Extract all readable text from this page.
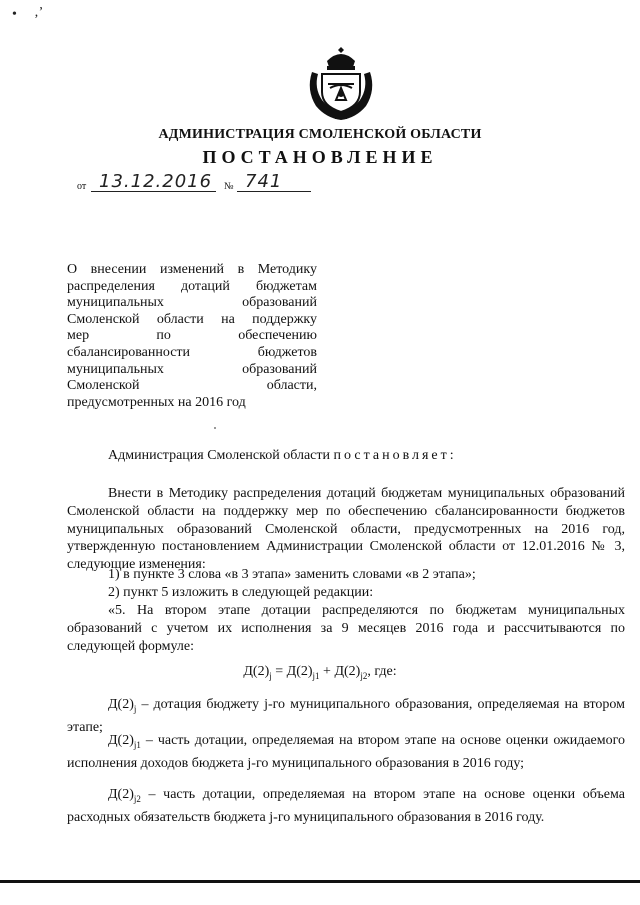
• ‚ʼ
АДМИНИСТРАЦИЯ СМОЛЕНСКОЙ ОБЛАСТИ
ПОСТАНОВЛЕНИЕ
от 13.12.2016 № 741
О внесении изменений в Методику
распределения дотаций бюджетам
муниципальных образований
Смоленской области на поддержку
мер по обеспечению
сбалансированности бюджетов
муниципальных образований
Смоленской области,
предусмотренных на 2016 год
Администрация Смоленской области постановляет:
Внести в Методику распределения дотаций бюджетам муниципальных образований Смоленской области на поддержку мер по обеспечению сбалансированности бюджетов муниципальных образований Смоленской области, предусмотренных на 2016 год, утвержденную постановлением Администрации Смоленской области от 12.01.2016 № 3, следующие изменения:
1) в пункте 3 слова «в 3 этапа» заменить словами «в 2 этапа»;
2) пункт 5 изложить в следующей редакции:
«5. На втором этапе дотации распределяются по бюджетам муниципальных образований с учетом их исполнения за 9 месяцев 2016 года и рассчитываются по следующей формуле:
$Д(2)_j = Д(2)_{j1} + Д(2)_{j2}$, где:
$Д(2)_j$ – дотация бюджету j-го муниципального образования, определяемая на втором этапе;
$Д(2)_{j1}$ – часть дотации, определяемая на втором этапе на основе оценки ожидаемого исполнения доходов бюджета j-го муниципального образования в 2016 году;
$Д(2)_{j2}$ – часть дотации, определяемая на втором этапе на основе оценки объема расходных обязательств бюджета j-го муниципального образования в 2016 году.
